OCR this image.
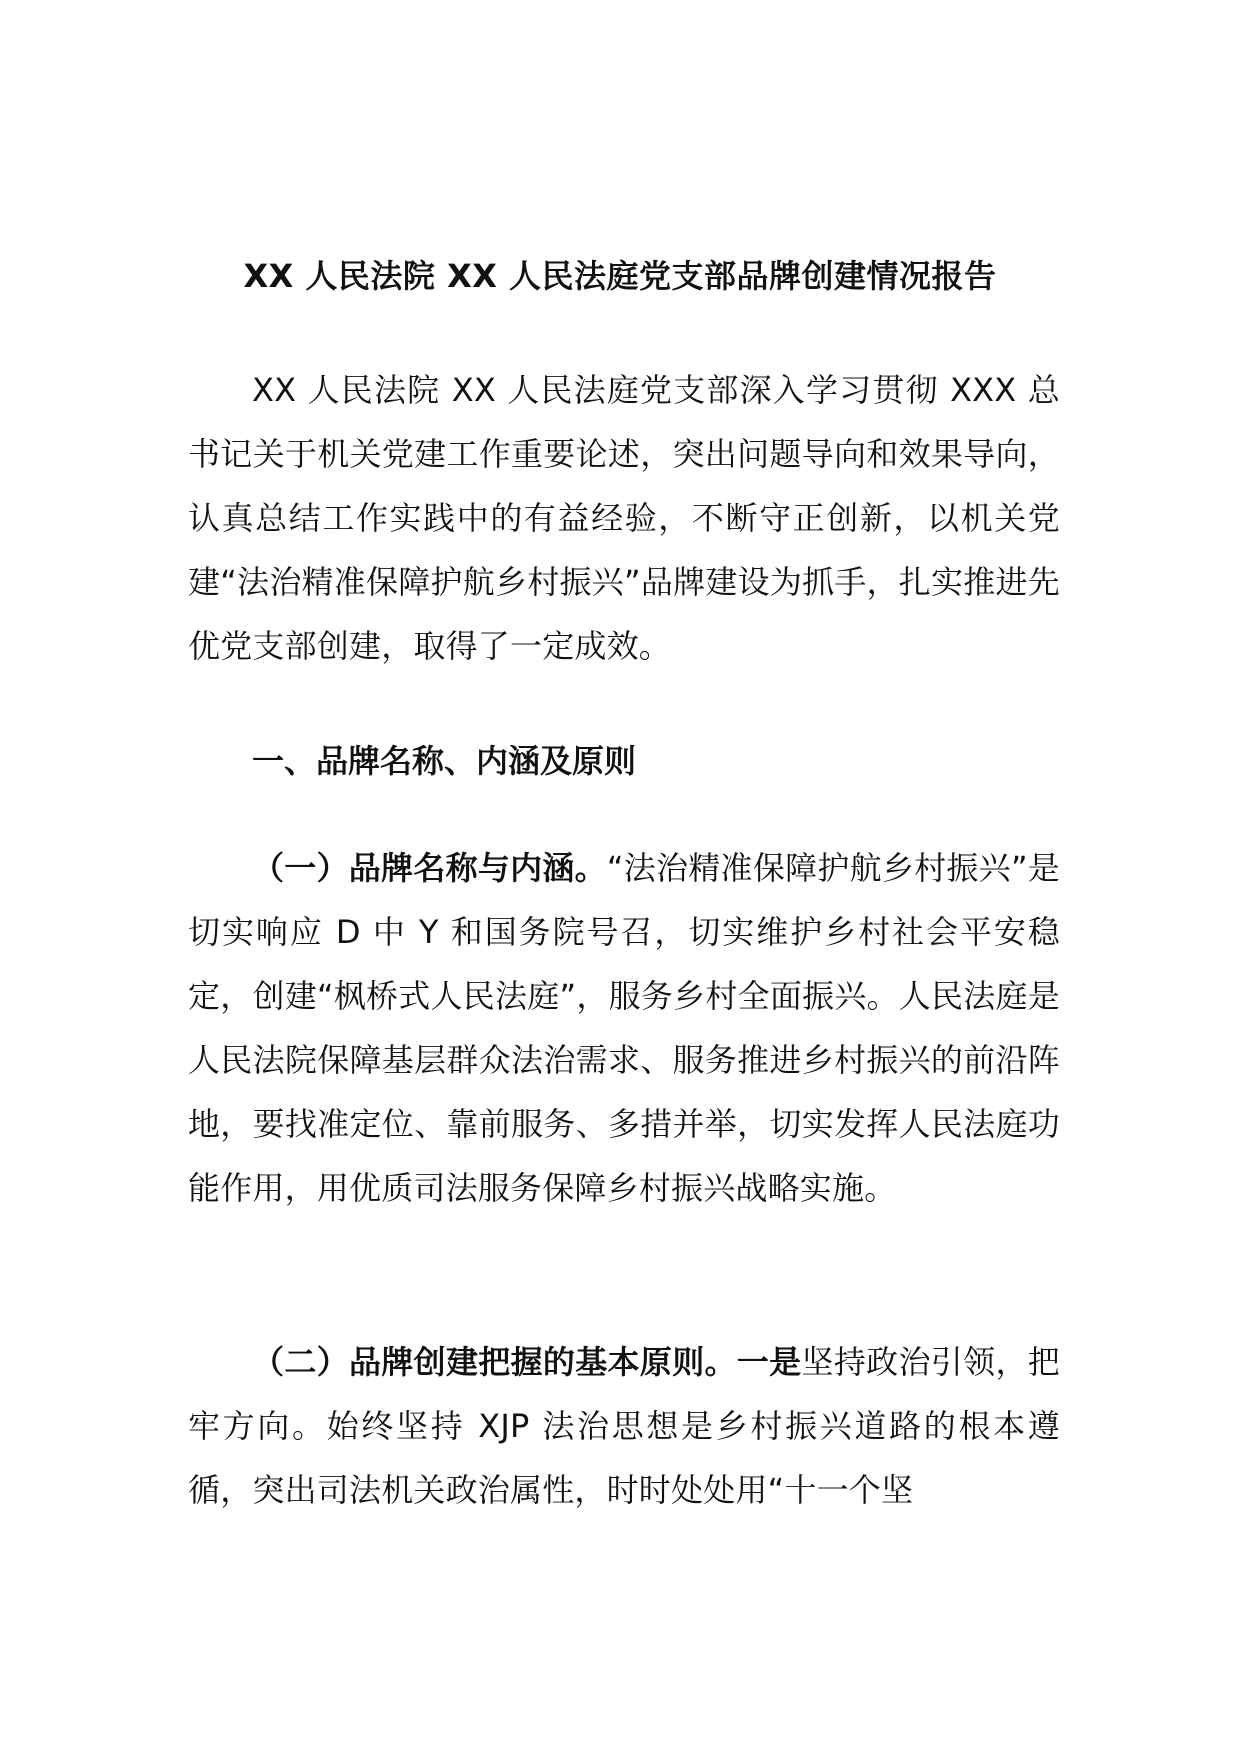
XX 人民法院 XX 人民法庭党支部品牌创建情况报告

XX 人民法院 XX 人民法庭党支部深入学习贯彻 XXX 总书记关于机关党建工作重要论述，突出问题导向和效果导向，认真总结工作实践中的有益经验，不断守正创新，以机关党建“法治精准保障护航乡村振兴”品牌建设为抓手，扎实推进先优党支部创建，取得了一定成效。

一、品牌名称、内涵及原则

（一）品牌名称与内涵。“法治精准保障护航乡村振兴”是切实响应 D 中 Y 和国务院号召，切实维护乡村社会平安稳定，创建“枫桥式人民法庭”，服务乡村全面振兴。人民法庭是人民法院保障基层群众法治需求、服务推进乡村振兴的前沿阵地，要找准定位、靠前服务、多措并举，切实发挥人民法庭功能作用，用优质司法服务保障乡村振兴战略实施。

（二）品牌创建把握的基本原则。一是坚持政治引领，把牢方向。始终坚持 XJP 法治思想是乡村振兴道路的根本遵循，突出司法机关政治属性，时时处处用“十一个坚
